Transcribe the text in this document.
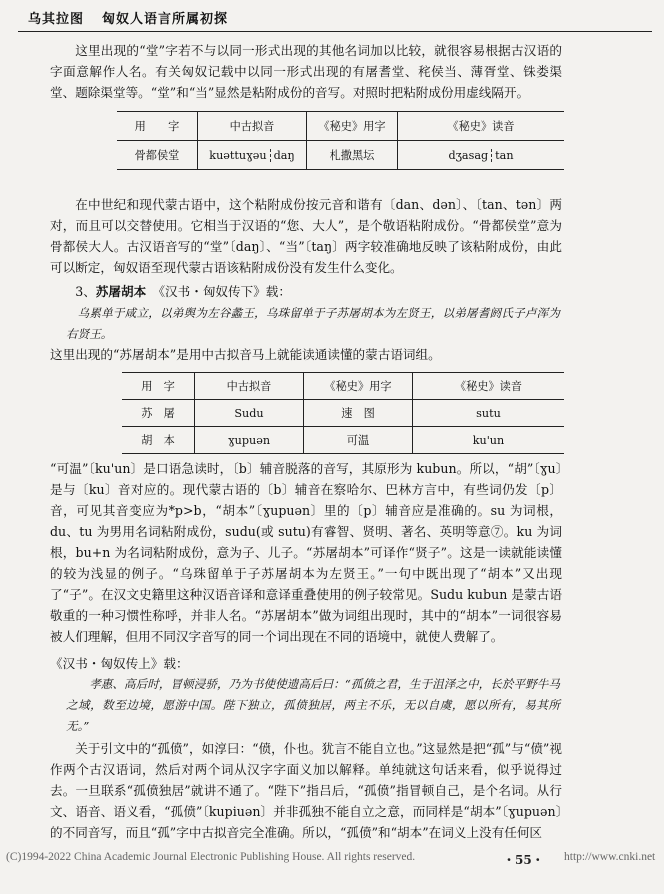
乌其拉图 匈奴人语言所属初探

这里出现的“堂”字若不与以同一形式出现的其他名词加以比较，就很容易根据古汉语的字面意解作人名。有关匈奴记载中以同一形式出现的有屠耆堂、秺侯当、薄胥堂、铢娄渠堂、题除渠堂等。“堂”和“当”显然是粘附成份的音写。对照时把粘附成份用虚线隔开。

用　　字	中古拟音	《秘史》用字	《秘史》读音
骨都侯堂	kuǝttuɣǝu daŋ	札撒黑坛	dʒasag tan

在中世纪和现代蒙古语中，这个粘附成份按元音和谐有〔dan、dǝn〕、〔tan、tǝn〕两对，而且可以交替使用。它相当于汉语的“您、大人”，是个敬语粘附成份。“骨都侯堂”意为骨都侯大人。古汉语音写的“堂”〔daŋ〕、“当”〔taŋ〕两字较准确地反映了该粘附成份，由此可以断定，匈奴语至现代蒙古语该粘附成份没有发生什么变化。

3、苏屠胡本　 《汉书・匈奴传下》载：

乌累单于咸立，以弟舆为左谷蠡王，乌珠留单于子苏屠胡本为左贤王，以弟屠耆阏氏子卢浑为右贤王。

这里出现的“苏屠胡本”是用中古拟音马上就能读通读懂的蒙古语词组。

用　字	中古拟音	《秘史》用字	《秘史》读音
苏　屠	Sudu	速　图	sutu
胡　本	ɣupuǝn	可温	ku'un

“可温”〔ku'un〕是口语急读时，〔b〕辅音脱落的音写，其原形为 kubun。所以，“胡”〔ɣu〕是与〔ku〕音对应的。现代蒙古语的〔b〕辅音在察哈尔、巴林方言中，有些词仍发〔p〕音，可见其音变应为*p>b，“胡本”〔ɣupuǝn〕里的〔p〕辅音应是准确的。su 为词根，du、tu 为男用名词粘附成份，sudu(或 sutu)有睿智、贤明、著名、英明等意⑦。ku 为词根，bu+n 为名词粘附成份，意为子、儿子。“苏屠胡本”可译作“贤子”。这是一读就能读懂的较为浅显的例子。“乌珠留单于子苏屠胡本为左贤王。”一句中既出现了“胡本”又出现了“子”。在汉文史籍里这种汉语音译和意译重叠使用的例子较常见。Sudu kubun 是蒙古语敬重的一种习惯性称呼，并非人名。“苏屠胡本”做为词组出现时，其中的“胡本”一词很容易被人们理解，但用不同汉字音写的同一个词出现在不同的语境中，就使人费解了。

《汉书・匈奴传上》载：

孝惠、高后时，冒顿浸骄，乃为书使使遗高后曰：“孤偾之君，生于沮泽之中，长於平野牛马之域，数至边境，愿游中国。陛下独立，孤偾独居，两主不乐，无以自虞，愿以所有，易其所无。”

关于引文中的“孤偾”，如淳曰：“偾，仆也。犹言不能自立也。”这显然是把“孤”与“偾”视作两个古汉语词，然后对两个词从汉字字面义加以解释。单纯就这句话来看，似乎说得过去。一旦联系“孤偾独居”就讲不通了。“陛下”指吕后，“孤偾”指冒顿自己，是个名词。从行文、语音、语义看，“孤偾”〔kupiuǝn〕并非孤独不能自立之意，而同样是“胡本”〔ɣupuǝn〕的不同音写，而且“孤”字中古拟音完全准确。所以，“孤偾”和“胡本”在词义上没有任何区

(C)1994-2022 China Academic Journal Electronic Publishing House. All rights reserved.	・55・ http://www.cnki.net
